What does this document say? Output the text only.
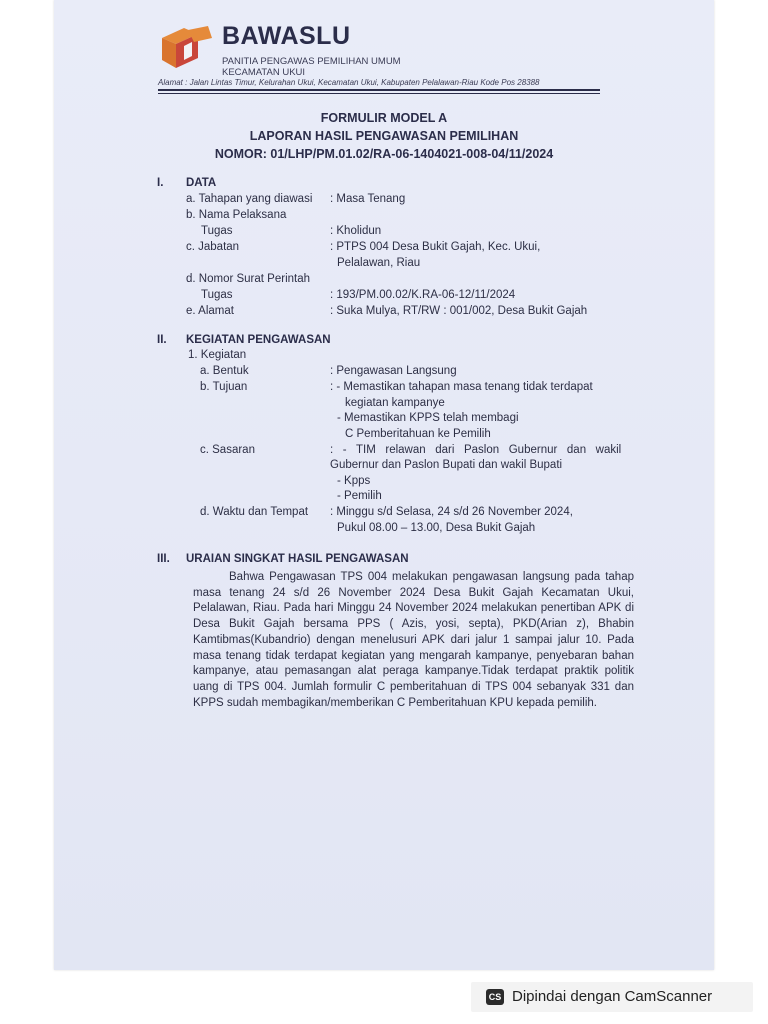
BAWASLU
PANITIA PENGAWAS PEMILIHAN UMUM
KECAMATAN UKUI
Alamat : Jalan Lintas Timur, Kelurahan Ukui, Kecamatan Ukui, Kabupaten Pelalawan-Riau Kode Pos 28388
FORMULIR MODEL A
LAPORAN HASIL PENGAWASAN PEMILIHAN
NOMOR: 01/LHP/PM.01.02/RA-06-1404021-008-04/11/2024
I. DATA
a. Tahapan yang diawasi : Masa Tenang
b. Nama Pelaksana
Tugas	: Kholidun
c. Jabatan	: PTPS 004 Desa Bukit Gajah, Kec. Ukui,
Pelalawan, Riau
d. Nomor Surat Perintah
Tugas	: 193/PM.00.02/K.RA-06-12/11/2024
e. Alamat	: Suka Mulya, RT/RW : 001/002, Desa Bukit Gajah
II. KEGIATAN PENGAWASAN
1. Kegiatan
a. Bentuk	: Pengawasan Langsung
b. Tujuan	: - Memastikan tahapan masa tenang tidak terdapat
kegiatan kampanye
- Memastikan KPPS telah membagi
C Pemberitahuan ke Pemilih
c. Sasaran	:   -   TIM   relawan   dari   Paslon   Gubernur   dan   wakil
Gubernur dan Paslon Bupati dan wakil Bupati
- Kpps
- Pemilih
d. Waktu dan Tempat : Minggu s/d Selasa, 24 s/d 26 November 2024,
Pukul 08.00 – 13.00, Desa Bukit Gajah
III. URAIAN SINGKAT HASIL PENGAWASAN
Bahwa Pengawasan TPS 004 melakukan pengawasan langsung pada tahap masa tenang 24 s/d 26 November 2024 Desa Bukit Gajah Kecamatan Ukui, Pelalawan, Riau. Pada hari Minggu 24 November 2024 melakukan penertiban APK di Desa Bukit Gajah bersama PPS ( Azis, yosi, septa), PKD(Arian z), Bhabin Kamtibmas(Kubandrio) dengan menelusuri APK dari jalur 1 sampai jalur 10. Pada masa tenang tidak terdapat kegiatan yang mengarah kampanye, penyebaran bahan kampanye, atau pemasangan alat peraga kampanye.Tidak terdapat praktik politik uang di TPS 004. Jumlah formulir C pemberitahuan di TPS 004 sebanyak 331 dan KPPS sudah membagikan/memberikan C Pemberitahuan KPU kepada pemilih.
CS Dipindai dengan CamScanner
